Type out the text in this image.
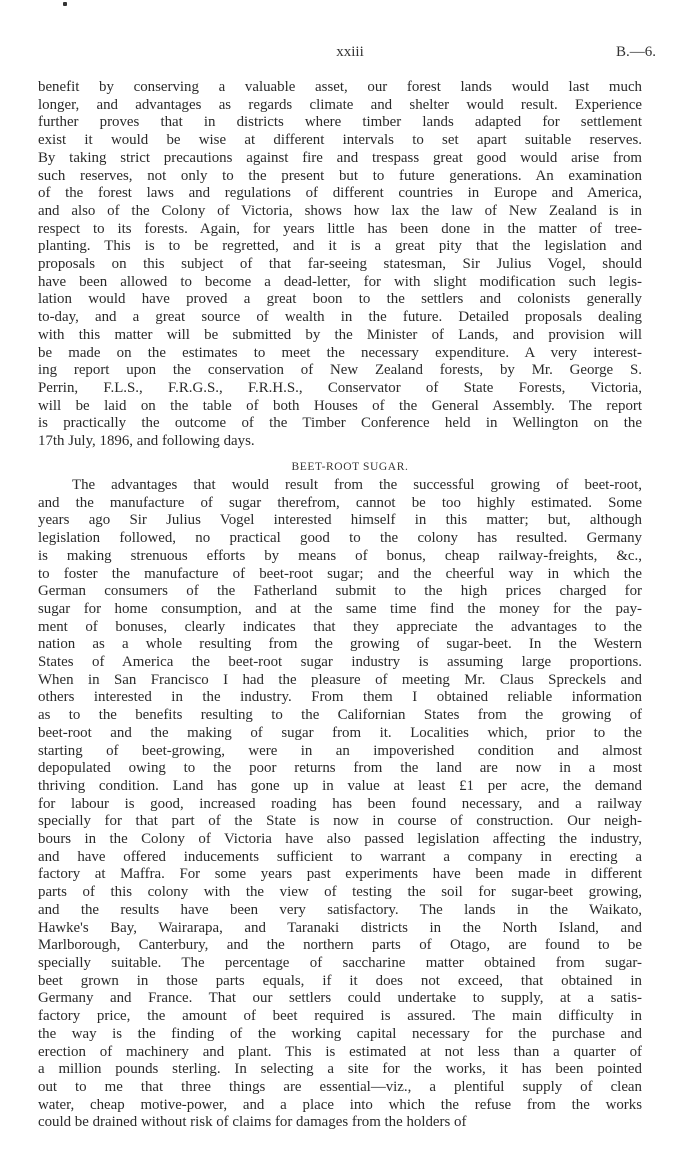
xxiii	B.—6.
benefit by conserving a valuable asset, our forest lands would last much
longer, and advantages as regards climate and shelter would result. Experience
further proves that in districts where timber lands adapted for settlement
exist it would be wise at different intervals to set apart suitable reserves.
By taking strict precautions against fire and trespass great good would arise from
such reserves, not only to the present but to future generations. An examination
of the forest laws and regulations of different countries in Europe and America,
and also of the Colony of Victoria, shows how lax the law of New Zealand is in
respect to its forests. Again, for years little has been done in the matter of tree-
planting. This is to be regretted, and it is a great pity that the legislation and
proposals on this subject of that far-seeing statesman, Sir Julius Vogel, should
have been allowed to become a dead-letter, for with slight modification such legis-
lation would have proved a great boon to the settlers and colonists generally
to-day, and a great source of wealth in the future. Detailed proposals dealing
with this matter will be submitted by the Minister of Lands, and provision will
be made on the estimates to meet the necessary expenditure. A very interest-
ing report upon the conservation of New Zealand forests, by Mr. George S.
Perrin, F.L.S., F.R.G.S., F.R.H.S., Conservator of State Forests, Victoria,
will be laid on the table of both Houses of the General Assembly. The report
is practically the outcome of the Timber Conference held in Wellington on the
17th July, 1896, and following days.
BEET-ROOT SUGAR.
The advantages that would result from the successful growing of beet-root,
and the manufacture of sugar therefrom, cannot be too highly estimated. Some
years ago Sir Julius Vogel interested himself in this matter; but, although
legislation followed, no practical good to the colony has resulted. Germany
is making strenuous efforts by means of bonus, cheap railway-freights, &c.,
to foster the manufacture of beet-root sugar; and the cheerful way in which the
German consumers of the Fatherland submit to the high prices charged for
sugar for home consumption, and at the same time find the money for the pay-
ment of bonuses, clearly indicates that they appreciate the advantages to the
nation as a whole resulting from the growing of sugar-beet. In the Western
States of America the beet-root sugar industry is assuming large proportions.
When in San Francisco I had the pleasure of meeting Mr. Claus Spreckels and
others interested in the industry. From them I obtained reliable information
as to the benefits resulting to the Californian States from the growing of
beet-root and the making of sugar from it. Localities which, prior to the
starting of beet-growing, were in an impoverished condition and almost
depopulated owing to the poor returns from the land are now in a most
thriving condition. Land has gone up in value at least £1 per acre, the demand
for labour is good, increased roading has been found necessary, and a railway
specially for that part of the State is now in course of construction. Our neigh-
bours in the Colony of Victoria have also passed legislation affecting the industry,
and have offered inducements sufficient to warrant a company in erecting a
factory at Maffra. For some years past experiments have been made in different
parts of this colony with the view of testing the soil for sugar-beet growing,
and the results have been very satisfactory. The lands in the Waikato,
Hawke's Bay, Wairarapa, and Taranaki districts in the North Island, and
Marlborough, Canterbury, and the northern parts of Otago, are found to be
specially suitable. The percentage of saccharine matter obtained from sugar-
beet grown in those parts equals, if it does not exceed, that obtained in
Germany and France. That our settlers could undertake to supply, at a satis-
factory price, the amount of beet required is assured. The main difficulty in
the way is the finding of the working capital necessary for the purchase and
erection of machinery and plant. This is estimated at not less than a quarter of
a million pounds sterling. In selecting a site for the works, it has been pointed
out to me that three things are essential—viz., a plentiful supply of clean
water, cheap motive-power, and a place into which the refuse from the works
could be drained without risk of claims for damages from the holders of
